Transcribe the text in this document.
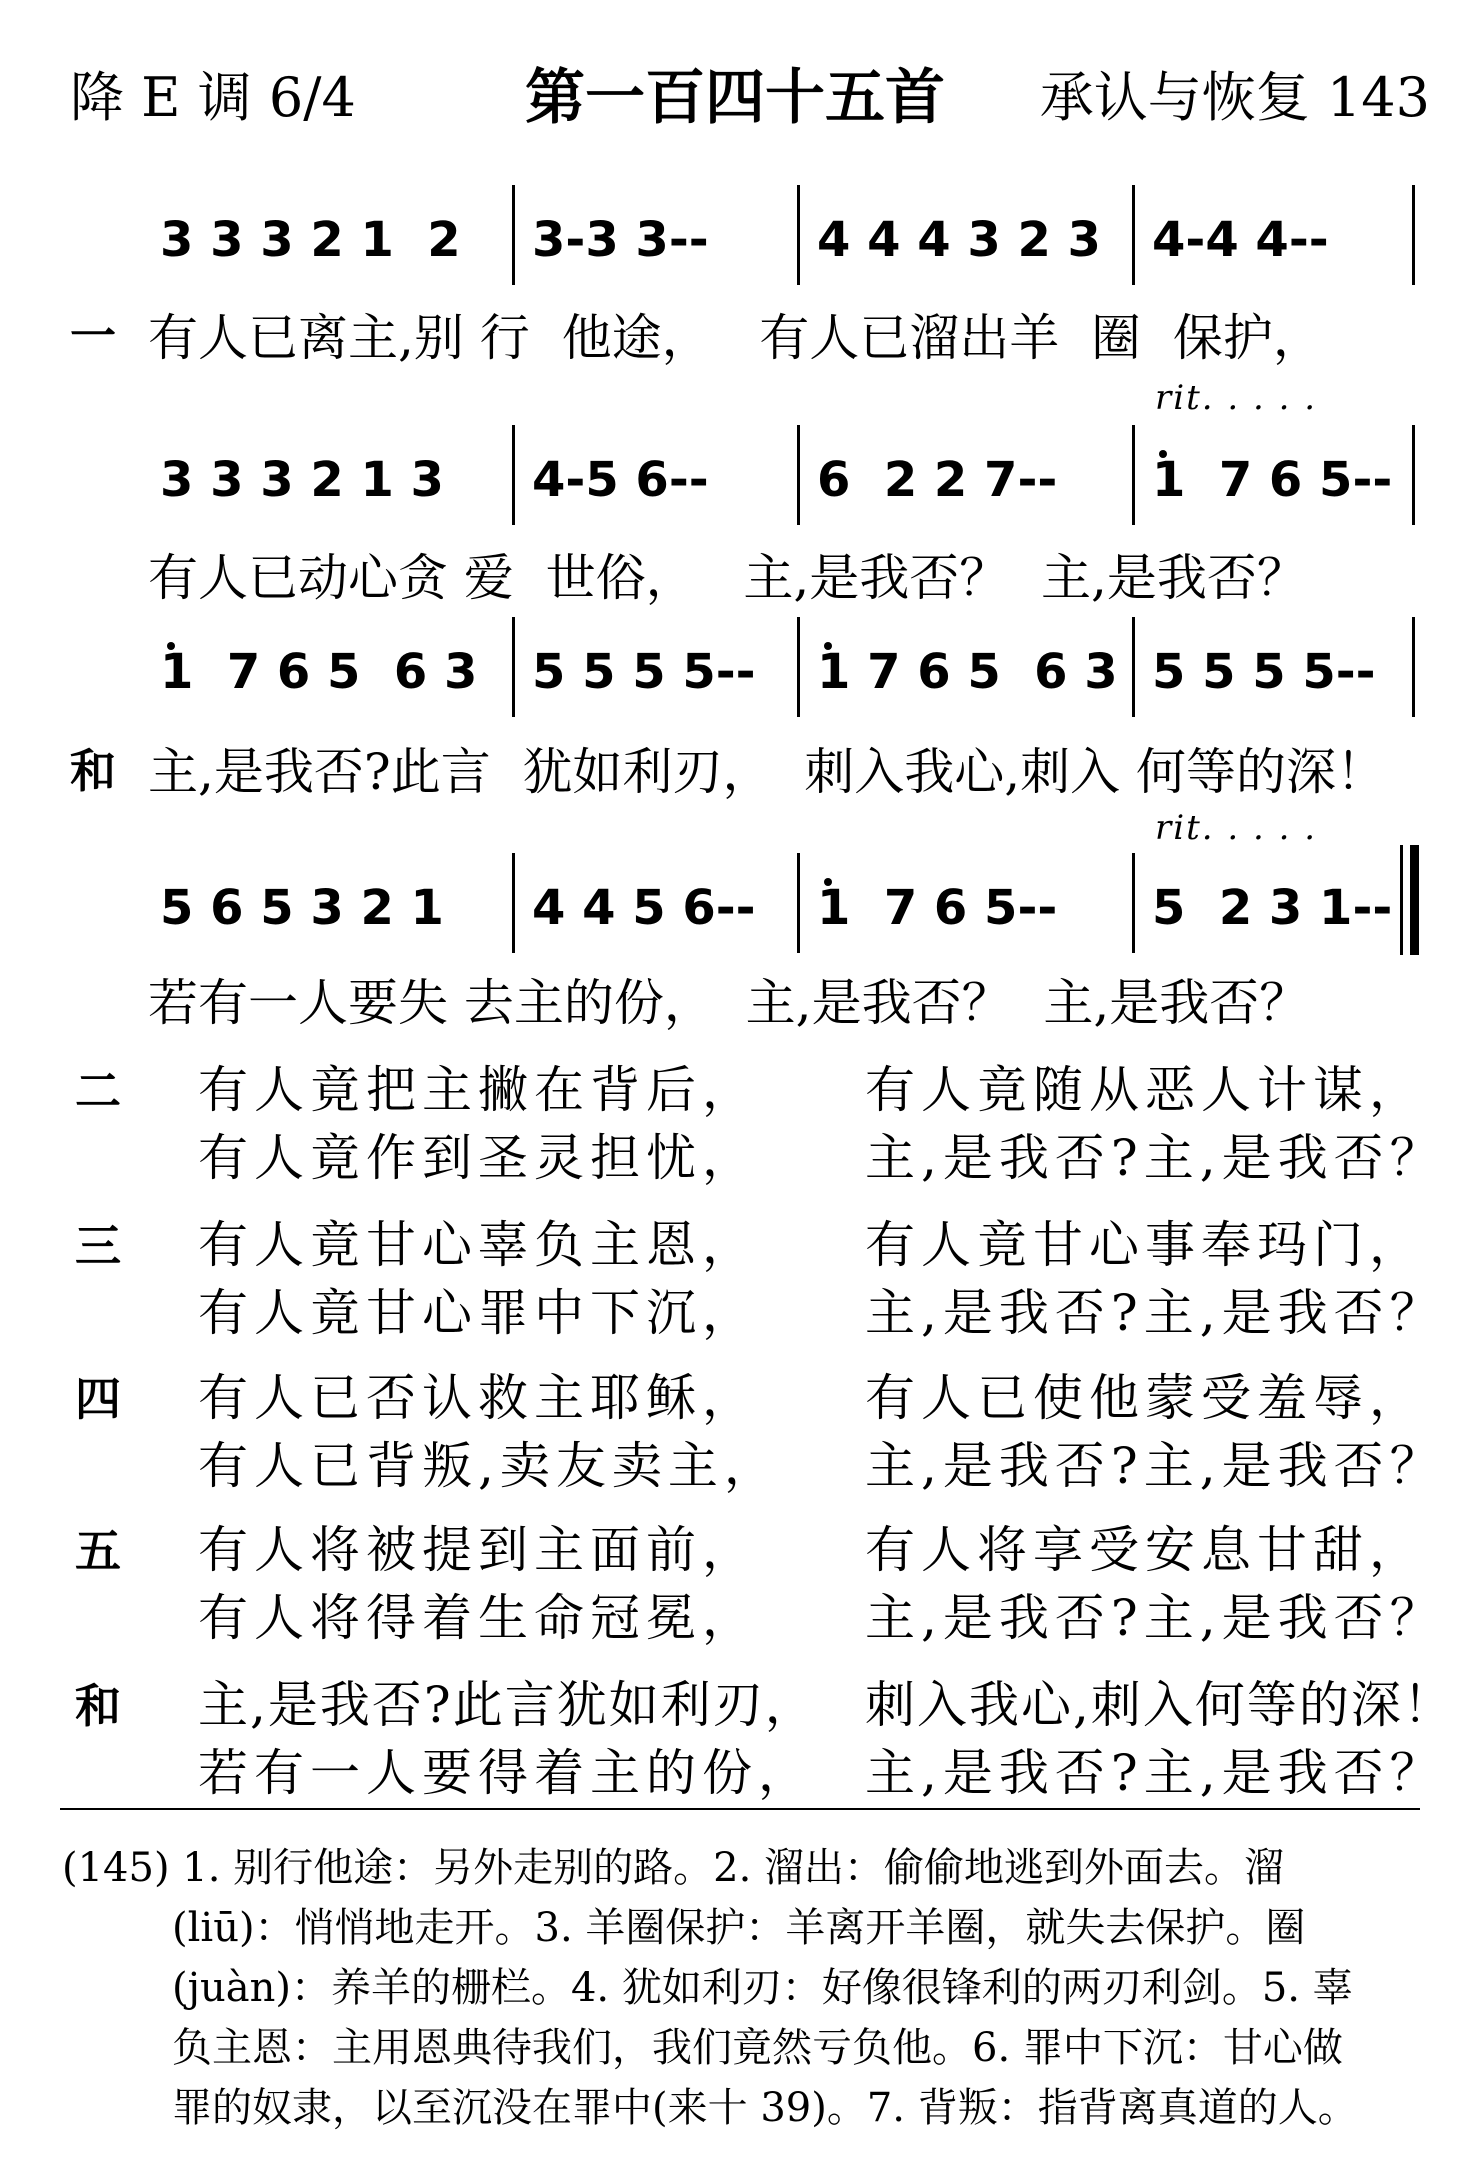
降 E 调 6/4	第一百四十五首	承认与恢复 143
3 3 3 2 1  2 3-3 3-- 4 4 4 3 2 3 4-4 4--
一 有人已离主,别 行  他途，   有人已溜出羊  圈  保护，
rit. . . . .
3 3 3 2 1 3 4-5 6-- 6  2 2 7-- 1  7 6 5--
有人已动心贪 爱  世俗，   主,是我否？  主,是我否？
1  7 6 5  6 3 5 5 5 5-- 1 7 6 5  6 3 5 5 5 5--
和 主,是我否?此言  犹如利刃，  刺入我心,刺入 何等的深！
rit. . . . .
5 6 5 3 2 1 4 4 5 6-- 1  7 6 5-- 5  2 3 1--
若有一人要失 去主的份，  主,是我否？  主,是我否？
二 有人竟把主撇在背后， 有人竟随从恶人计谋，
有人竟作到圣灵担忧， 主,是我否?主,是我否？
三 有人竟甘心辜负主恩， 有人竟甘心事奉玛门，
有人竟甘心罪中下沉， 主,是我否?主,是我否？
四 有人已否认救主耶稣， 有人已使他蒙受羞辱，
有人已背叛,卖友卖主， 主,是我否?主,是我否？
五 有人将被提到主面前， 有人将享受安息甘甜，
有人将得着生命冠冕， 主,是我否?主,是我否？
和 主,是我否?此言犹如利刃， 刺入我心,刺入何等的深！
若有一人要得着主的份， 主,是我否?主,是我否？
(145) 1. 别行他途：另外走别的路。2. 溜出：偷偷地逃到外面去。溜
(liū)：悄悄地走开。3. 羊圈保护：羊离开羊圈，就失去保护。圈
(juàn)：养羊的栅栏。4. 犹如利刃：好像很锋利的两刃利剑。5. 辜
负主恩：主用恩典待我们，我们竟然亏负他。6. 罪中下沉：甘心做
罪的奴隶，以至沉没在罪中(来十 39)。7. 背叛：指背离真道的人。
